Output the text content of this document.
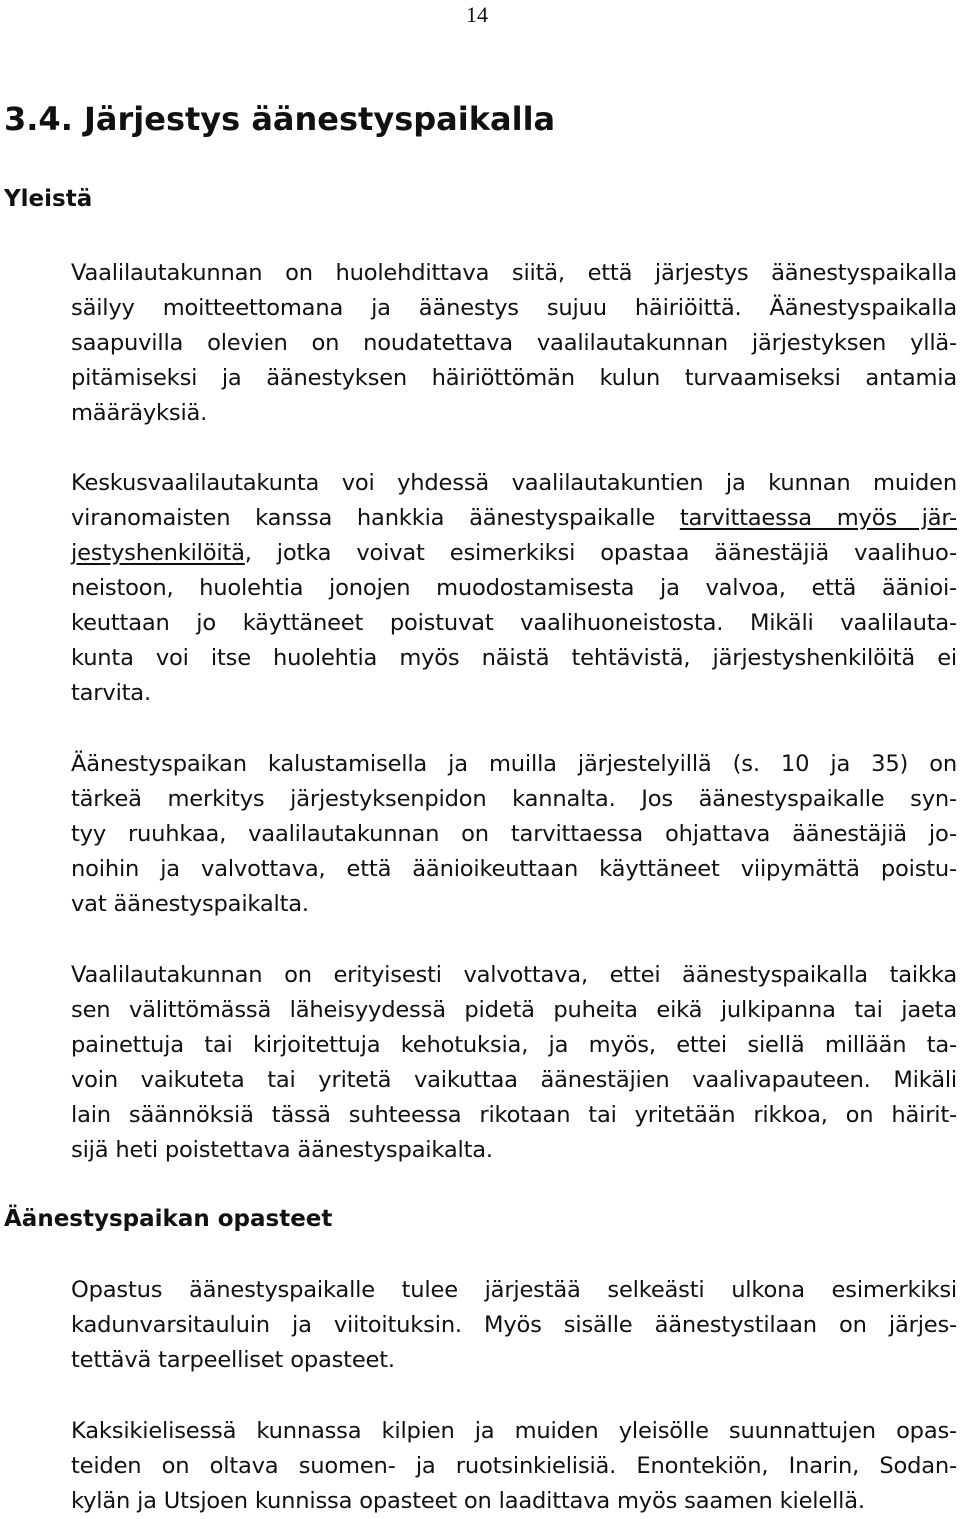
14
3.4. Järjestys äänestyspaikalla
Yleistä
Vaalilautakunnan on huolehdittava siitä, että järjestys äänestyspaikalla
säilyy moitteettomana ja äänestys sujuu häiriöittä. Äänestyspaikalla
saapuvilla olevien on noudatettava vaalilautakunnan järjestyksen yllä-
pitämiseksi ja äänestyksen häiriöttömän kulun turvaamiseksi antamia
määräyksiä.
Keskusvaalilautakunta voi yhdessä vaalilautakuntien ja kunnan muiden
viranomaisten kanssa hankkia äänestyspaikalle tarvittaessa myös jär-
jestyshenkilöitä, jotka voivat esimerkiksi opastaa äänestäjiä vaalihuo-
neistoon, huolehtia jonojen muodostamisesta ja valvoa, että äänioi-
keuttaan jo käyttäneet poistuvat vaalihuoneistosta. Mikäli vaalilauta-
kunta voi itse huolehtia myös näistä tehtävistä, järjestyshenkilöitä ei
tarvita.
Äänestyspaikan kalustamisella ja muilla järjestelyillä (s. 10 ja 35) on
tärkeä merkitys järjestyksenpidon kannalta. Jos äänestyspaikalle syn-
tyy ruuhkaa, vaalilautakunnan on tarvittaessa ohjattava äänestäjiä jo-
noihin ja valvottava, että äänioikeuttaan käyttäneet viipymättä poistu-
vat äänestyspaikalta.
Vaalilautakunnan on erityisesti valvottava, ettei äänestyspaikalla taikka
sen välittömässä läheisyydessä pidetä puheita eikä julkipanna tai jaeta
painettuja tai kirjoitettuja kehotuksia, ja myös, ettei siellä millään ta-
voin vaikuteta tai yritetä vaikuttaa äänestäjien vaalivapauteen. Mikäli
lain säännöksiä tässä suhteessa rikotaan tai yritetään rikkoa, on häirit-
sijä heti poistettava äänestyspaikalta.
Äänestyspaikan opasteet
Opastus äänestyspaikalle tulee järjestää selkeästi ulkona esimerkiksi
kadunvarsitauluin ja viitoituksin. Myös sisälle äänestystilaan on järjes-
tettävä tarpeelliset opasteet.
Kaksikielisessä kunnassa kilpien ja muiden yleisölle suunnattujen opas-
teiden on oltava suomen- ja ruotsinkielisiä. Enontekiön, Inarin, Sodan-
kylän ja Utsjoen kunnissa opasteet on laadittava myös saamen kielellä.
